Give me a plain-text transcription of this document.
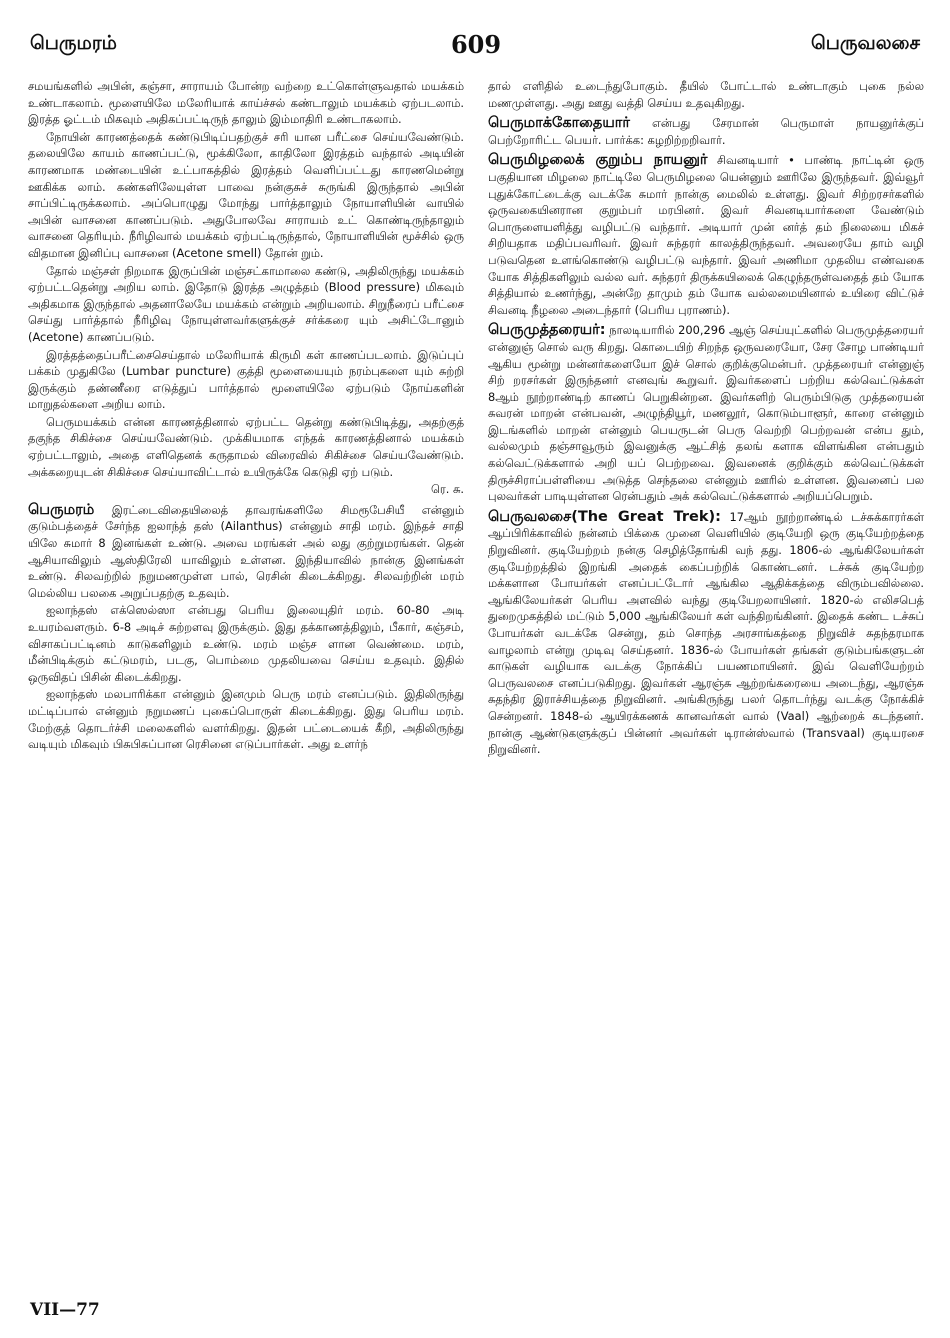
பெருமரம்	609	பெருவலசை

சமயங்களில் அபின், கஞ்சா, சாராயம் போன்ற வற்றை உட்கொள்ளுவதால் மயக்கம் உண்டாகலாம். மூளையிலே மலேரியாக் காய்ச்சல் கண்டாலும் மயக்கம் ஏற்படலாம். இரத்த ஓட்டம் மிகவும் அதிகப்பட்டிருந் தாலும் இம்மாதிரி உண்டாகலாம்.

நோயின் காரணத்தைக் கண்டுபிடிப்பதற்குச் சரி யான பரீட்சை செய்யவேண்டும். தலையிலே காயம் காணப்பட்டு, மூக்கிலோ, காதிலோ இரத்தம் வந்தால் அடியின் காரணமாக மண்டையின் உட்பாகத்தில் இரத்தம் வெளிப்பட்டது காரணமென்று ஊகிக்க லாம். கண்களிலேயுள்ள பாவை நன்குசுச் சுருங்கி இருந்தால் அபின் சாப்பிட்டிருக்கலாம். அப்பொழுது மோந்து பார்த்தாலும் நோயாளியின் வாயில் அபின் வாசனை காணப்படும். அதுபோலவே சாராயம் உட் கொண்டிருந்தாலும் வாசனை தெரியும். நீரிழிவால் மயக்கம் ஏற்பட்டிருந்தால், நோயாளியின் மூச்சில் ஒரு விதமான இனிப்பு வாசனை (Acetone smell) தோன் றும்.

தோல் மஞ்சள் நிறமாக இருப்பின் மஞ்சட்காமாலை கண்டு, அதிலிருந்து மயக்கம் ஏற்பட்டதென்று அறிய லாம். இதோடு இரத்த அழுத்தம் (Blood pressure) மிகவும் அதிகமாக இருந்தால் அதனாலேயே மயக்கம் என்றும் அறியலாம். சிறுநீரைப் பரீட்சை செய்து பார்த்தால் நீரிழிவு நோயுள்ளவர்களுக்குச் சர்க்கரை யும் அசிட்டோனும் (Acetone) காணப்படும்.

இரத்தத்தைப்பரீட்சைசெய்தால் மலேரியாக் கிருமி கள் காணப்படலாம். இடுப்புப் பக்கம் முதுகிலே (Lumbar puncture) குத்தி மூளையையும் நரம்புகளை யும் சுற்றி இருக்கும் தண்ணீரை எடுத்துப் பார்த்தால் மூளையிலே ஏற்படும் நோய்களின் மாறுதல்களை அறிய லாம்.

பெருமயக்கம் என்ன காரணத்தினால் ஏற்பட்ட தென்று கண்டுபிடித்து, அதற்குத் தகுந்த சிகிச்சை செய்யவேண்டும். முக்கியமாக எந்தக் காரணத்தினால் மயக்கம் ஏற்பட்டாலும், அதை எளிதெனக் கருதாமல் விரைவில் சிகிச்சை செய்யவேண்டும். அக்கறையுடன் சிகிச்சை செய்யாவிட்டால் உயிருக்கே கெடுதி ஏற் படும்.

ரெ. சு.

பெருமரம் இரட்டைவிதையிலைத் தாவரங்களிலே சிமரூபேசியீ என்னும் குடும்பத்தைச் சேர்ந்த ஐலாந்த் தஸ் (Ailanthus) என்னும் சாதி மரம். இந்தச் சாதி யிலே சுமார் 8 இனங்கள் உண்டு. அவை மரங்கள் அல் லது குற்றுமரங்கள். தென் ஆசியாவிலும் ஆஸ்திரேலி யாவிலும் உள்ளன. இந்தியாவில் நான்கு இனங்கள் உண்டு. சிலவற்றில் நறுமணமுள்ள பால், ரெசின் கிடைக்கிறது. சிலவற்றின் மரம் மெல்லிய பலகை அறுப்பதற்கு உதவும்.

ஐலாந்தஸ் எக்ஸெல்ஸா என்பது பெரிய இலையுதிர் மரம். 60-80 அடி உயரம்வளரும். 6-8 அடிச் சுற்றளவு இருக்கும். இது தக்காணத்திலும், பீகார், கஞ்சம், விசாகப்பட்டினம் காடுகளிலும் உண்டு. மரம் மஞ்ச ளான வெண்மை. மரம், மீன்பிடிக்கும் கட்டுமரம், படகு, பொம்மை முதலியவை செய்ய உதவும். இதில் ஒருவிதப் பிசின் கிடைக்கிறது.

ஐலாந்தஸ் மலபாரிக்கா என்னும் இனமும் பெரு மரம் எனப்படும். இதிலிருந்து மட்டிப்பால் என்னும் நறுமணப் புகைப்பொருள் கிடைக்கிறது. இது பெரிய மரம். மேற்குத் தொடர்ச்சி மலைகளில் வளர்கிறது. இதன் பட்டையைக் கீறி, அதிலிருந்து வடியும் மிகவும் பிசுபிசுப்பான ரெசினை எடுப்பார்கள். அது உளர்ந்

தால் எளிதில் உடைந்துபோகும். தீயில் போட்டால் உண்டாகும் புகை நல்ல மணமுள்ளது. அது ஊது வத்தி செய்ய உதவுகிறது.

பெருமாக்கோதையார் என்பது சேரமான் பெருமாள் நாயனுர்க்குப் பெற்றோரிட்ட பெயர். பார்க்க: கழறிற்றறிவார்.

பெருமிழலைக் குறும்ப நாயனுர் சிவனடியார் • பாண்டி நாட்டின் ஒரு பகுதியான மிழலை நாட்டிலே பெருமிழலை யென்னும் ஊரிலே இருந்தவர். இவ்வூர் புதுக்கோட்டைக்கு வடக்கே சுமார் நான்கு மைலில் உள்ளது. இவர் சிற்றரசர்களில் ஒருவகையினரான குறும்பர் மரபினர். இவர் சிவனடியார்களை வேண்டும் பொருளையளித்து வழிபட்டு வந்தார். அடியார் முன் னர்த் தம் நிலையை மிகச் சிறியதாக மதிப்பவரிவர். இவர் சுந்தரர் காலத்திருந்தவர். அவரையே தாம் வழி படுவதென உளங்கொண்டு வழிபட்டு வந்தார். இவர் அணிமா முதலிய எண்வகை யோக சித்திகளிலும் வல்ல வர். சுந்தரர் திருக்கயிலைக் கெழுந்தருள்வதைத் தம் யோக சித்தியால் உணர்ந்து, அன்றே தாமும் தம் யோக வல்லமையினால் உயிரை விட்டுச் சிவனடி நீழலை அடைந்தார் (பெரிய புராணம்).

பெருமுத்தரையர்: நாலடியாரில் 200,296 ஆஞ் செய்யுட்களில் பெருமுத்தரையர் என்னுஞ் சொல் வரு கிறது. கொடையிற் சிறந்த ஒருவரையோ, சேர சோழ பாண்டியர் ஆகிய மூன்று மன்னர்களையோ இச் சொல் குறிக்குமென்பர். முத்தரையர் என்னுஞ் சிற் றரசர்கள் இருந்தனர் எனவுங் கூறுவர். இவர்களைப் பற்றிய கல்வெட்டுக்கள் 8ஆம் நூற்றாண்டிற் காணப் பெறுகின்றன. இவர்களிற் பெரும்பிடுகு முத்தரையன் சுவரன் மாறன் என்பவன், அழுந்தியூர், மணலூர், கொடும்பாளூர், காரை என்னும் இடங்களில் மாறன் என்னும் பெயருடன் பெரு வெற்றி பெற்றவன் என்ப தும், வல்லமும் தஞ்சாவூரும் இவனுக்கு ஆட்சித் தலங் களாக விளங்கின என்பதும் கல்வெட்டுக்களால் அறி யப் பெற்றவை. இவனைக் குறிக்கும் கல்வெட்டுக்கள் திருச்சிராப்பள்ளியை அடுத்த செந்தலை என்னும் ஊரில் உள்ளன. இவனைப் பல புலவர்கள் பாடியுள்ளன ரென்பதும் அக் கல்வெட்டுக்களால் அறியப்பெறும்.

பெருவலசை(The Great Trek): 17ஆம் நூற்றாண்டில் டச்சுக்காரர்கள் ஆப்பிரிக்காவில் நன்னம் பிக்கை முனை வெளியில் குடியேறி ஒரு குடியேற்றத்தை நிறுவினர். குடியேற்றம் நன்கு செழித்தோங்கி வந் தது. 1806-ல் ஆங்கிலேயர்கள் குடியேற்றத்தில் இறங்கி அதைக் கைப்பற்றிக் கொண்டனர். டச்சுக் குடியேற்ற மக்களான போயர்கள் எனப்பட்டோர் ஆங்கில ஆதிக்கத்தை விரும்பவில்லை. ஆங்கிலேயர்கள் பெரிய அளவில் வந்து குடியேறலாயினர். 1820-ல் எலிசபெத் துறைமுகத்தில் மட்டும் 5,000 ஆங்கிலேயர் கள் வந்திறங்கினர். இதைக் கண்ட டச்சுப் போயர்கள் வடக்கே சென்று, தம் சொந்த அரசாங்கத்தை நிறுவிச் சுதந்தரமாக வாழலாம் என்று முடிவு செய்தனர். 1836-ல் போயர்கள் தங்கள் குடும்பங்களுடன் காடுகள் வழியாக வடக்கு நோக்கிப் பயணமாயினர். இவ் வெளியேற்றம் பெருவலசை எனப்படுகிறது. இவர்கள் ஆரஞ்சு ஆற்றங்கரையை அடைந்து, ஆரஞ்சு சுதந்திர இராச்சியத்தை நிறுவினர். அங்கிருந்து பலர் தொடர்ந்து வடக்கு நோக்கிச் சென்றனர். 1848-ல் ஆயிரக்கணக் கானவர்கள் வால் (Vaal) ஆற்றைக் கடந்தனர். நான்கு ஆண்டுகளுக்குப் பின்னர் அவர்கள் டிரான்ஸ்வால் (Transvaal) குடியரசை நிறுவினர்.

VII—77
